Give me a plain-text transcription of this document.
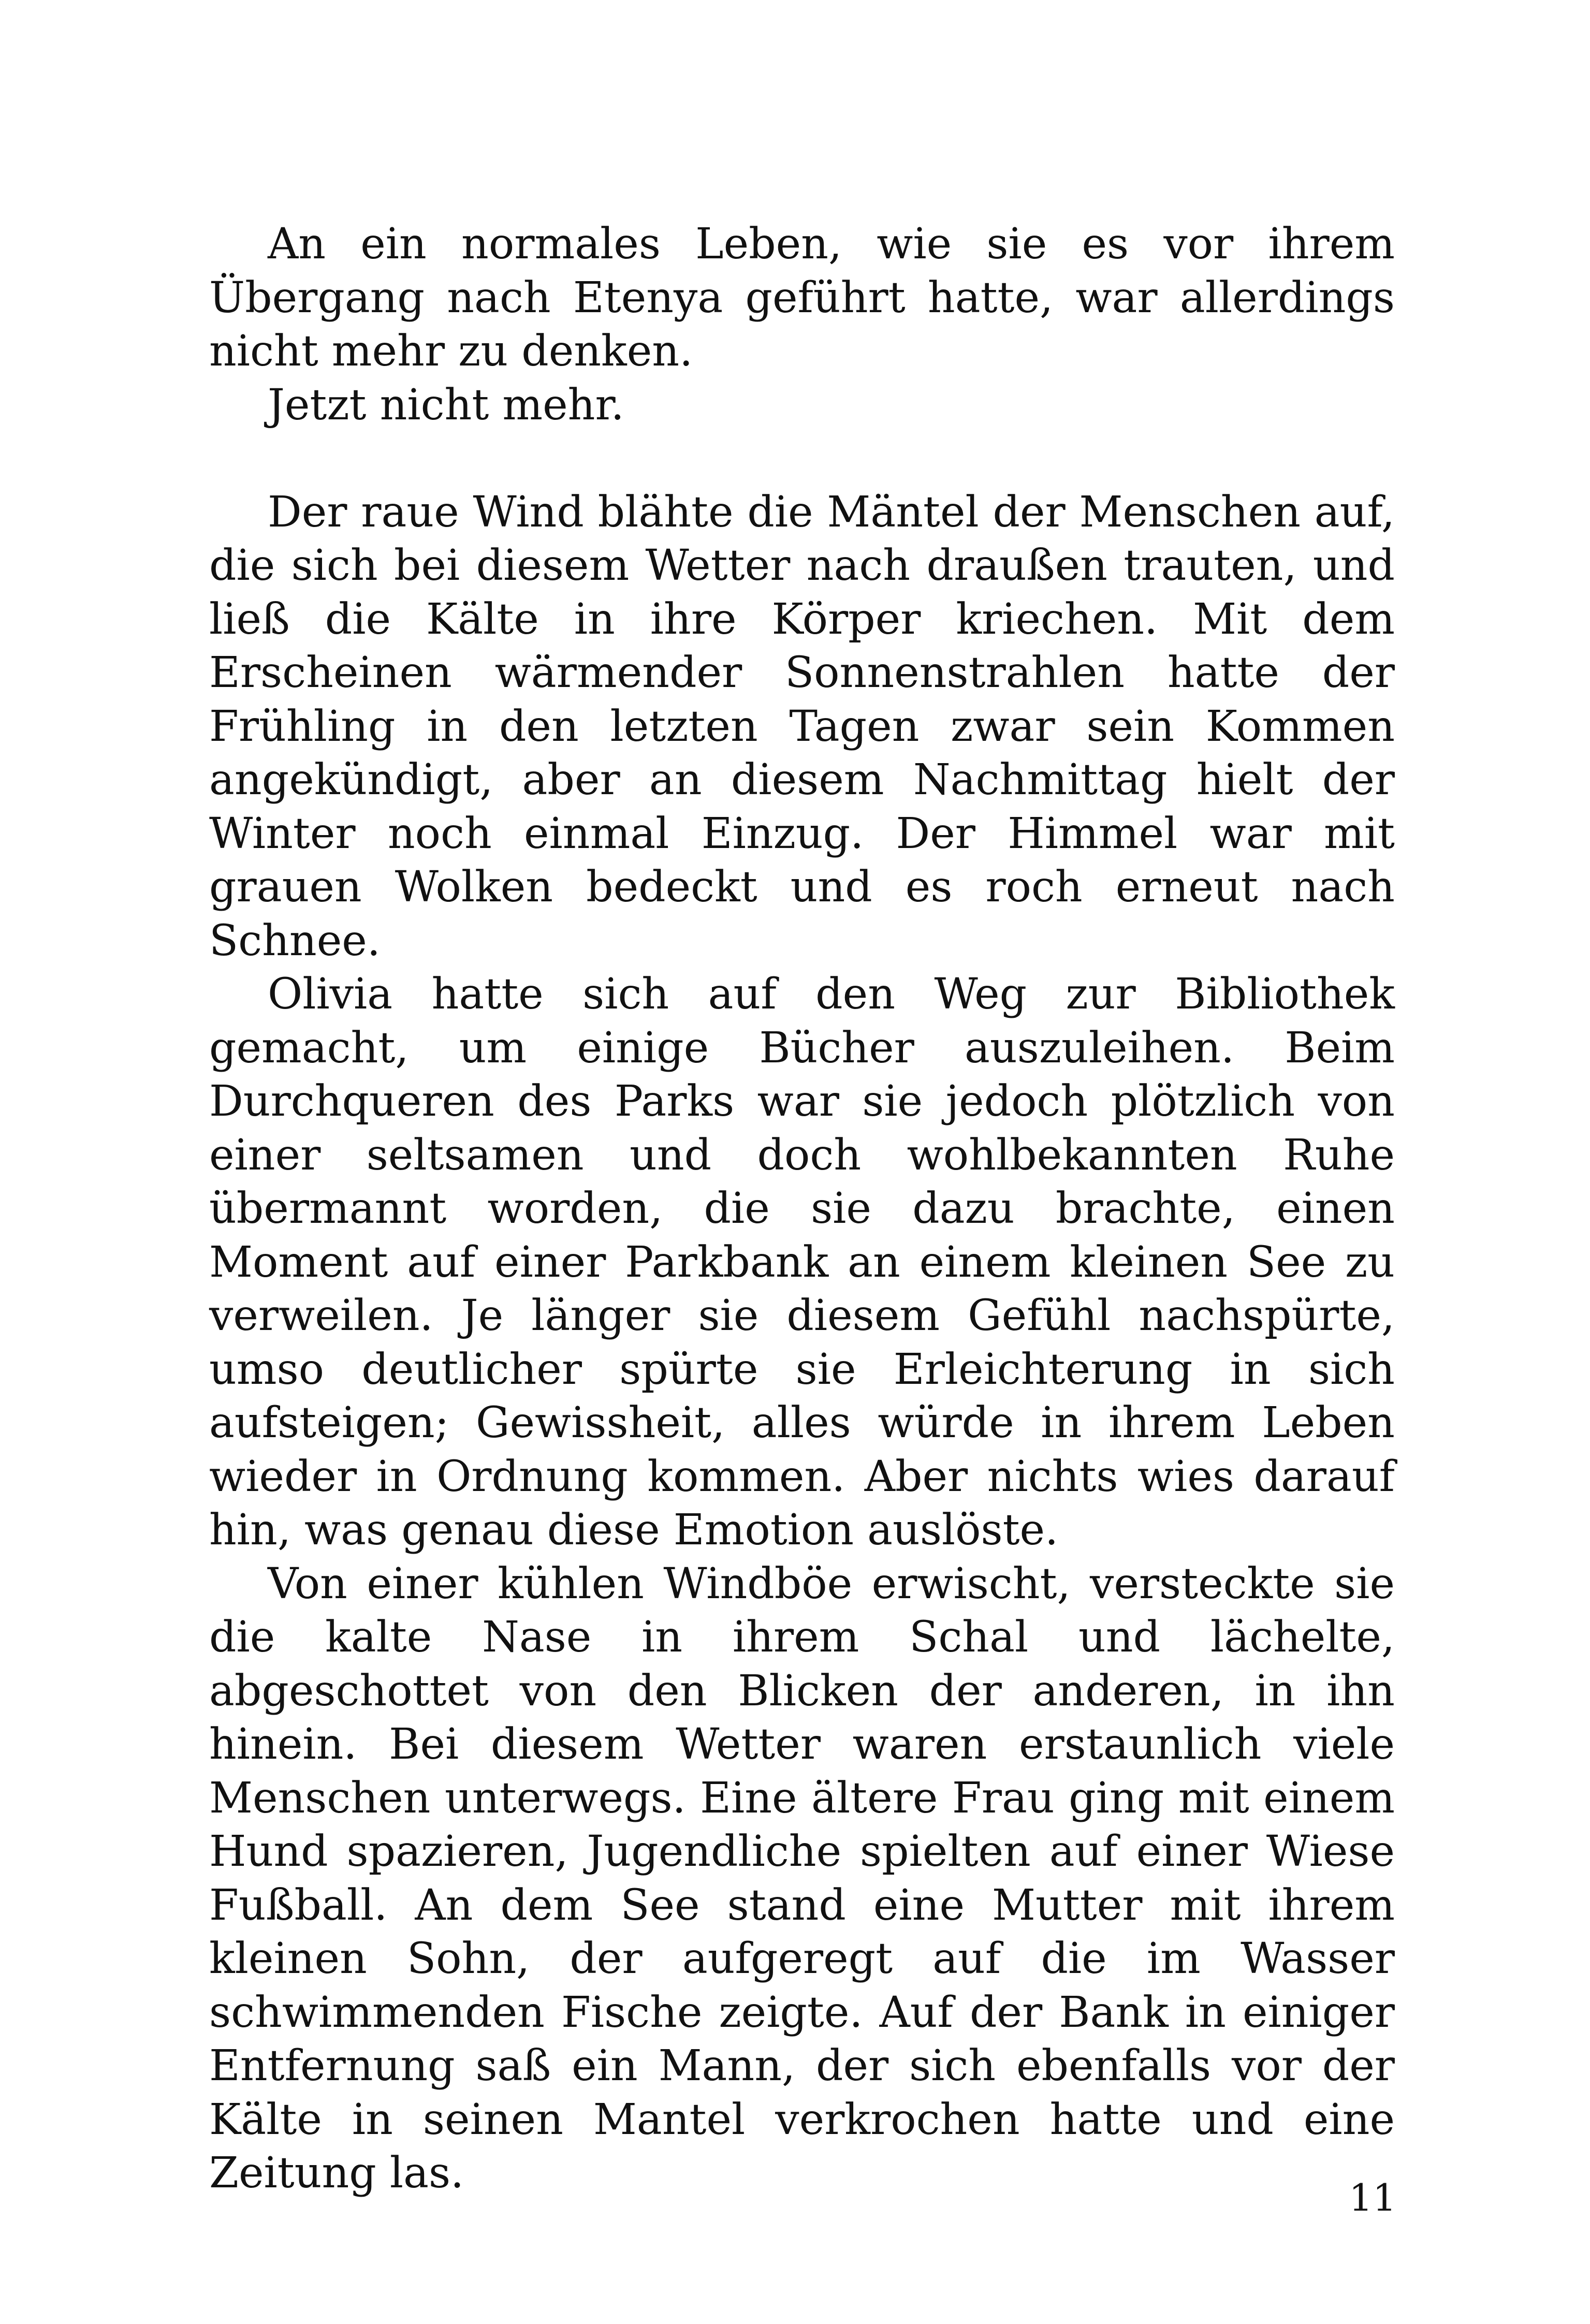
An ein normales Leben, wie sie es vor ihrem Übergang nach Etenya geführt hatte, war allerdings nicht mehr zu denken.

Jetzt nicht mehr.

Der raue Wind blähte die Mäntel der Menschen auf, die sich bei diesem Wetter nach draußen trauten, und ließ die Kälte in ihre Körper kriechen. Mit dem Erscheinen wärmender Sonnenstrahlen hatte der Frühling in den letzten Tagen zwar sein Kommen angekündigt, aber an diesem Nachmittag hielt der Winter noch einmal Einzug. Der Himmel war mit grauen Wolken bedeckt und es roch erneut nach Schnee.

Olivia hatte sich auf den Weg zur Bibliothek gemacht, um einige Bücher auszuleihen. Beim Durchqueren des Parks war sie jedoch plötzlich von einer seltsamen und doch wohlbekannten Ruhe übermannt worden, die sie dazu brachte, einen Moment auf einer Parkbank an einem kleinen See zu verweilen. Je länger sie diesem Gefühl nachspürte, umso deutlicher spürte sie Erleichterung in sich aufsteigen; Gewissheit, alles würde in ihrem Leben wieder in Ordnung kommen. Aber nichts wies darauf hin, was genau diese Emotion auslöste.

Von einer kühlen Windböe erwischt, versteckte sie die kalte Nase in ihrem Schal und lächelte, abgeschottet von den Blicken der anderen, in ihn hinein. Bei diesem Wetter waren erstaunlich viele Menschen unterwegs. Eine ältere Frau ging mit einem Hund spazieren, Jugendliche spielten auf einer Wiese Fußball. An dem See stand eine Mutter mit ihrem kleinen Sohn, der aufgeregt auf die im Wasser schwimmenden Fische zeigte. Auf der Bank in einiger Entfernung saß ein Mann, der sich ebenfalls vor der Kälte in seinen Mantel verkrochen hatte und eine Zeitung las.	11
